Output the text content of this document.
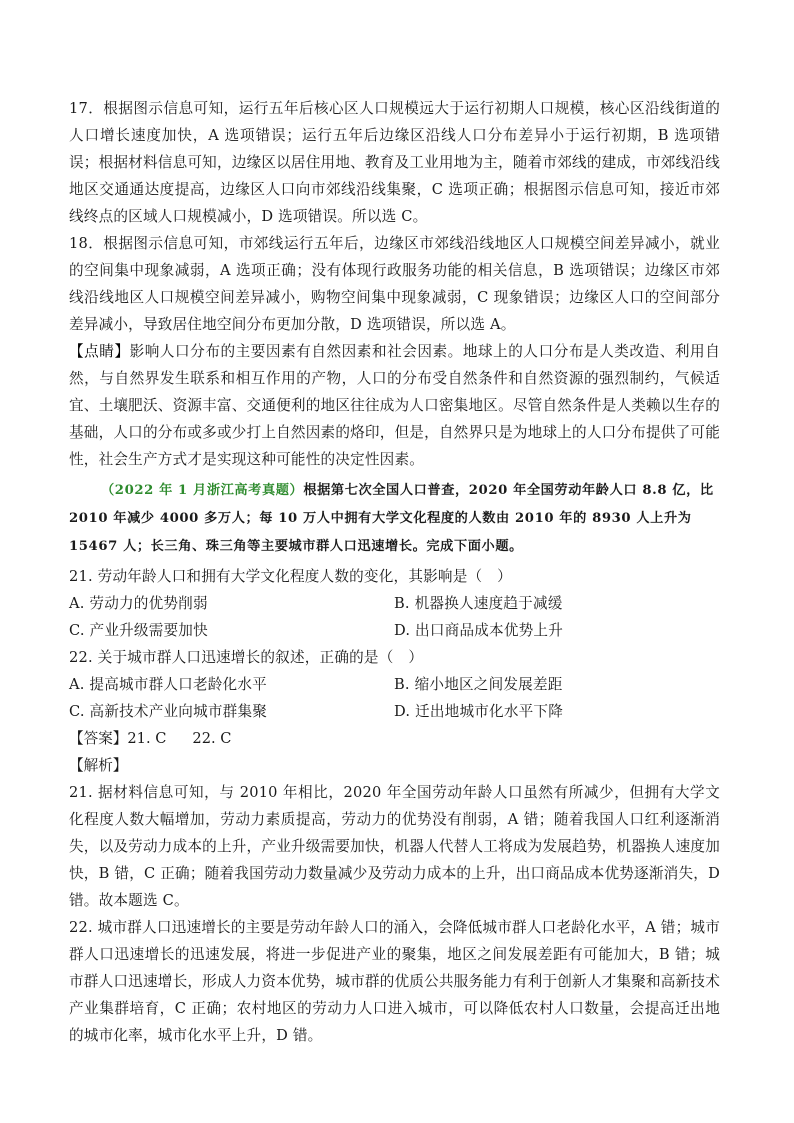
17．根据图示信息可知，运行五年后核心区人口规模远大于运行初期人口规模，核心区沿线街道的人口增长速度加快，A 选项错误；运行五年后边缘区沿线人口分布差异小于运行初期，B 选项错误；根据材料信息可知，边缘区以居住用地、教育及工业用地为主，随着市郊线的建成，市郊线沿线地区交通通达度提高，边缘区人口向市郊线沿线集聚，C 选项正确；根据图示信息可知，接近市郊线终点的区域人口规模减小，D 选项错误。所以选 C。

18．根据图示信息可知，市郊线运行五年后，边缘区市郊线沿线地区人口规模空间差异减小，就业的空间集中现象减弱，A 选项正确；没有体现行政服务功能的相关信息，B 选项错误；边缘区市郊线沿线地区人口规模空间差异减小，购物空间集中现象减弱，C 现象错误；边缘区人口的空间部分差异减小，导致居住地空间分布更加分散，D 选项错误，所以选 A。

【点睛】影响人口分布的主要因素有自然因素和社会因素。地球上的人口分布是人类改造、利用自然，与自然界发生联系和相互作用的产物，人口的分布受自然条件和自然资源的强烈制约，气候适宜、土壤肥沃、资源丰富、交通便利的地区往往成为人口密集地区。尽管自然条件是人类赖以生存的基础，人口的分布或多或少打上自然因素的烙印，但是，自然界只是为地球上的人口分布提供了可能性，社会生产方式才是实现这种可能性的决定性因素。

（2022 年 1 月浙江高考真题）根据第七次全国人口普查，2020 年全国劳动年龄人口 8.8 亿，比 2010 年减少 4000 多万人；每 10 万人中拥有大学文化程度的人数由 2010 年的 8930 人上升为 15467 人；长三角、珠三角等主要城市群人口迅速增长。完成下面小题。

21. 劳动年龄人口和拥有大学文化程度人数的变化，其影响是（　）

A. 劳动力的优势削弱	B. 机器换人速度趋于减缓
C. 产业升级需要加快	D. 出口商品成本优势上升

22. 关于城市群人口迅速增长的叙述，正确的是（　）

A. 提高城市群人口老龄化水平	B. 缩小地区之间发展差距
C. 高新技术产业向城市群集聚	D. 迁出地城市化水平下降

【答案】21. C 22. C

【解析】

21. 据材料信息可知，与 2010 年相比，2020 年全国劳动年龄人口虽然有所减少，但拥有大学文化程度人数大幅增加，劳动力素质提高，劳动力的优势没有削弱，A 错；随着我国人口红利逐渐消失，以及劳动力成本的上升，产业升级需要加快，机器人代替人工将成为发展趋势，机器换人速度加快，B 错，C 正确；随着我国劳动力数量减少及劳动力成本的上升，出口商品成本优势逐渐消失，D 错。故本题选 C。

22. 城市群人口迅速增长的主要是劳动年龄人口的涌入，会降低城市群人口老龄化水平，A 错；城市群人口迅速增长的迅速发展，将进一步促进产业的聚集，地区之间发展差距有可能加大，B 错；城市群人口迅速增长，形成人力资本优势，城市群的优质公共服务能力有利于创新人才集聚和高新技术产业集群培育，C 正确；农村地区的劳动力人口进入城市，可以降低农村人口数量，会提高迁出地的城市化率，城市化水平上升，D 错。
